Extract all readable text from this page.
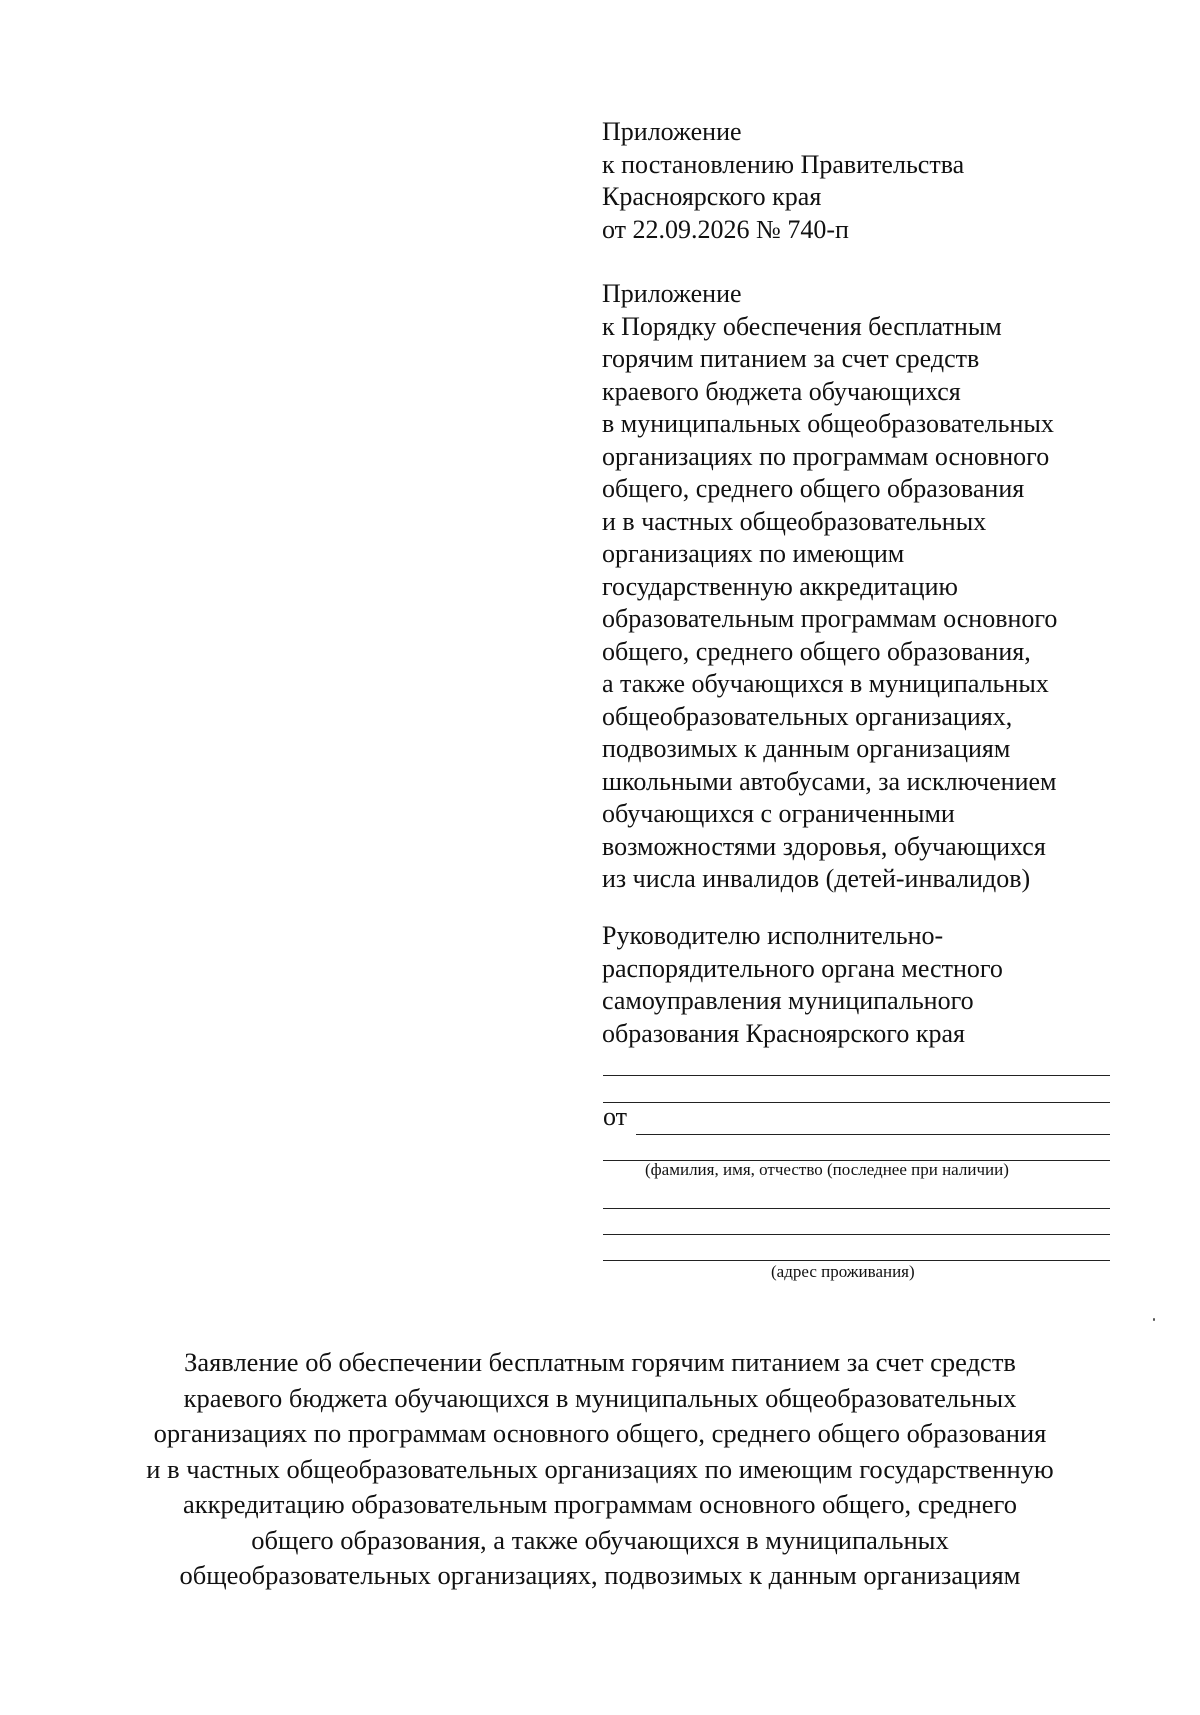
Приложение
к постановлению Правительства
Красноярского края
от 22.09.2026 № 740-п
Приложение
к Порядку обеспечения бесплатным
горячим питанием за счет средств
краевого бюджета обучающихся
в муниципальных общеобразовательных
организациях по программам основного
общего, среднего общего образования
и в частных общеобразовательных
организациях по имеющим
государственную аккредитацию
образовательным программам основного
общего, среднего общего образования,
а также обучающихся в муниципальных
общеобразовательных организациях,
подвозимых к данным организациям
школьными автобусами, за исключением
обучающихся с ограниченными
возможностями здоровья, обучающихся
из числа инвалидов (детей-инвалидов)
Руководителю исполнительно-
распорядительного органа местного
самоуправления муниципального
образования Красноярского края
от
(фамилия, имя, отчество (последнее при наличии)
(адрес проживания)
Заявление об обеспечении бесплатным горячим питанием за счет средств
краевого бюджета обучающихся в муниципальных общеобразовательных
организациях по программам основного общего, среднего общего образования
и в частных общеобразовательных организациях по имеющим государственную
аккредитацию образовательным программам основного общего, среднего
общего образования, а также обучающихся в муниципальных
общеобразовательных организациях, подвозимых к данным организациям
